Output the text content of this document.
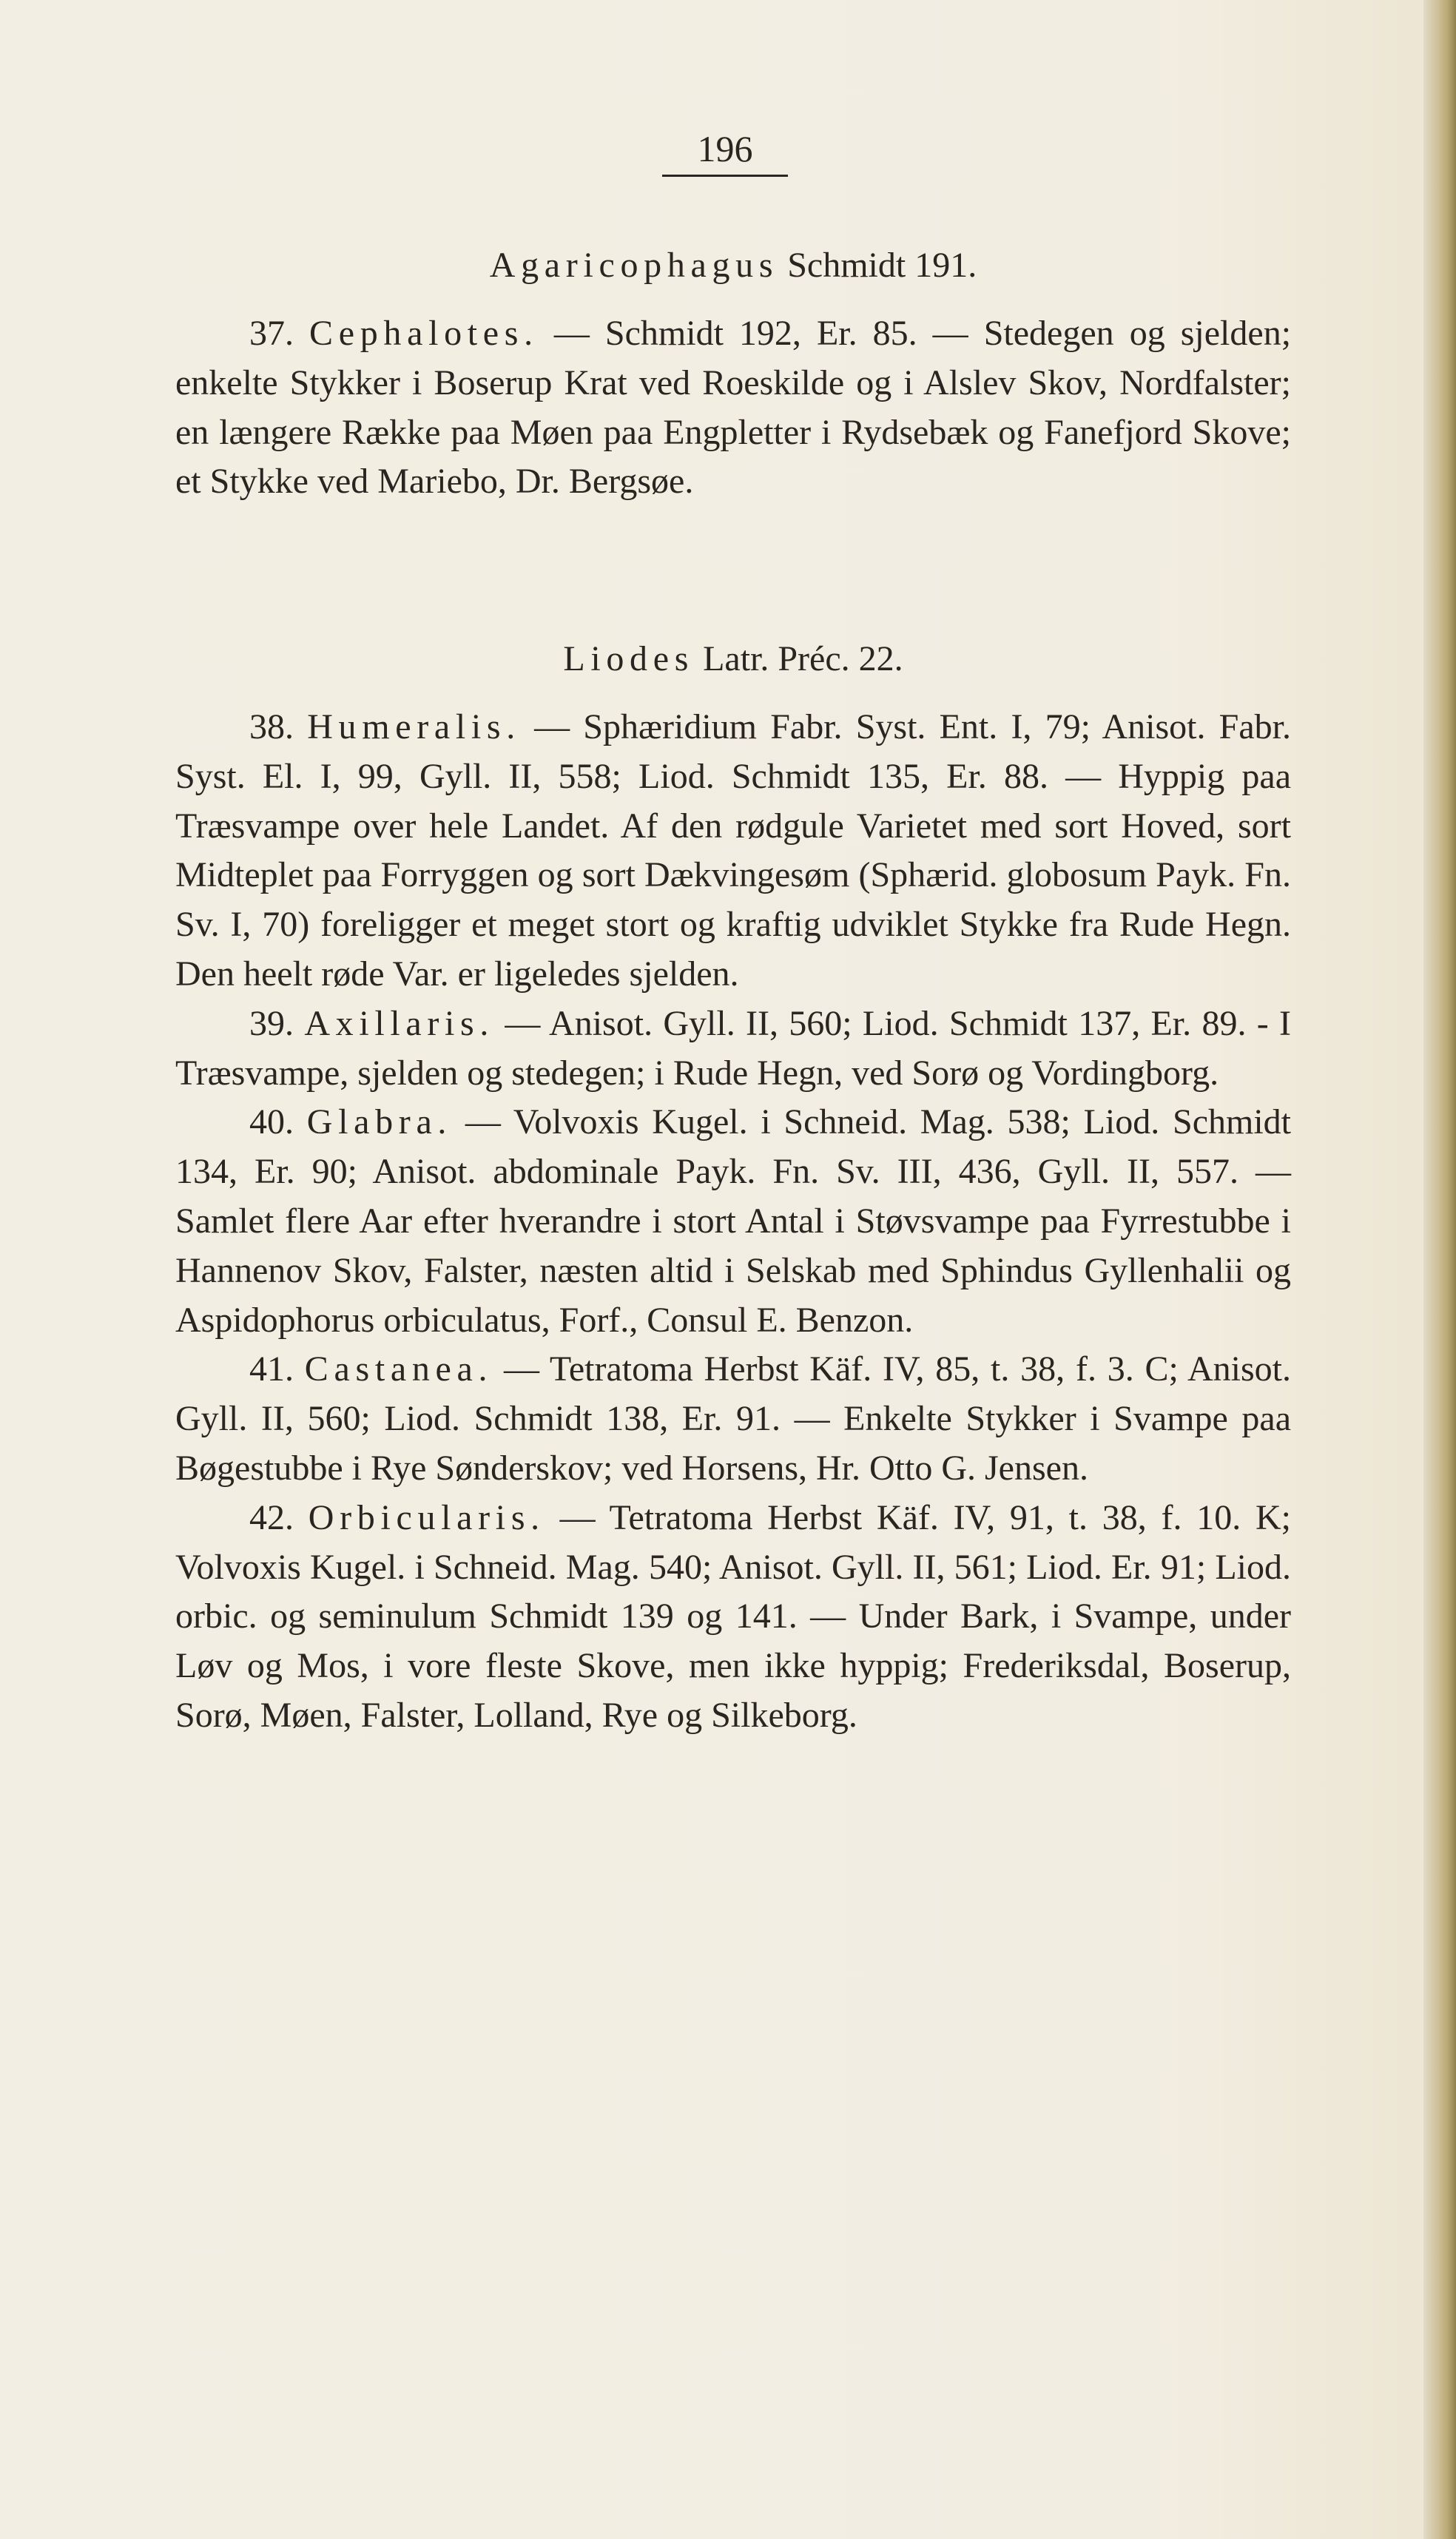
196
Agaricophagus Schmidt 191.

37. Cephalotes. — Schmidt 192, Er. 85. — Stedegen og sjelden; enkelte Stykker i Boserup Krat ved Roeskilde og i Alslev Skov, Nordfalster; en længere Række paa Møen paa Engpletter i Rydsebæk og Fanefjord Skove; et Stykke ved Mariebo, Dr. Bergsøe.

Liodes Latr. Préc. 22.

38. Humeralis. — Sphæridium Fabr. Syst. Ent. I, 79; Anisot. Fabr. Syst. El. I, 99, Gyll. II, 558; Liod. Schmidt 135, Er. 88. — Hyppig paa Træsvampe over hele Landet. Af den rødgule Varietet med sort Hoved, sort Midteplet paa Forryggen og sort Dækvingesøm (Sphærid. globosum Payk. Fn. Sv. I, 70) foreligger et meget stort og kraftig udviklet Stykke fra Rude Hegn. Den heelt røde Var. er ligeledes sjelden.

39. Axillaris. — Anisot. Gyll. II, 560; Liod. Schmidt 137, Er. 89. - I Træsvampe, sjelden og stedegen; i Rude Hegn, ved Sorø og Vordingborg.

40. Glabra. — Volvoxis Kugel. i Schneid. Mag. 538; Liod. Schmidt 134, Er. 90; Anisot. abdominale Payk. Fn. Sv. III, 436, Gyll. II, 557. — Samlet flere Aar efter hverandre i stort Antal i Støvsvampe paa Fyrrestubbe i Hannenov Skov, Falster, næsten altid i Selskab med Sphindus Gyllenhalii og Aspidophorus orbiculatus, Forf., Consul E. Benzon.

41. Castanea. — Tetratoma Herbst Käf. IV, 85, t. 38, f. 3. C; Anisot. Gyll. II, 560; Liod. Schmidt 138, Er. 91. — Enkelte Stykker i Svampe paa Bøgestubbe i Rye Sønderskov; ved Horsens, Hr. Otto G. Jensen.

42. Orbicularis. — Tetratoma Herbst Käf. IV, 91, t. 38, f. 10. K; Volvoxis Kugel. i Schneid. Mag. 540; Anisot. Gyll. II, 561; Liod. Er. 91; Liod. orbic. og seminulum Schmidt 139 og 141. — Under Bark, i Svampe, under Løv og Mos, i vore fleste Skove, men ikke hyppig; Frederiksdal, Boserup, Sorø, Møen, Falster, Lolland, Rye og Silkeborg.
